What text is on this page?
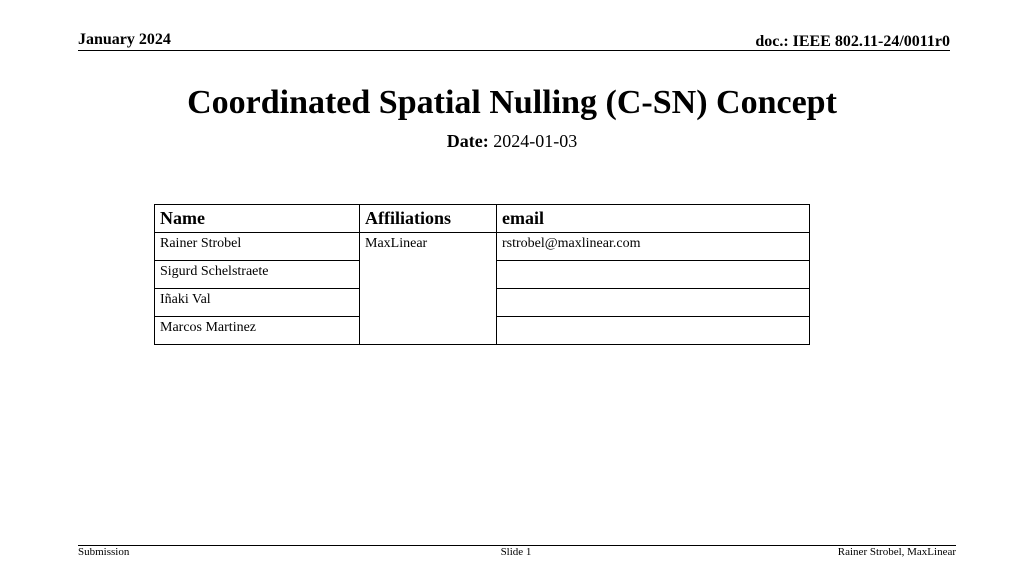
January 2024	doc.: IEEE 802.11-24/0011r0
Coordinated Spatial Nulling (C-SN) Concept
Date: 2024-01-03
Name	Affiliations	email
Rainer Strobel	MaxLinear	rstrobel@maxlinear.com
Sigurd Schelstraete		
Iñaki Val		
Marcos Martinez		
Submission	Slide 1	Rainer Strobel, MaxLinear
